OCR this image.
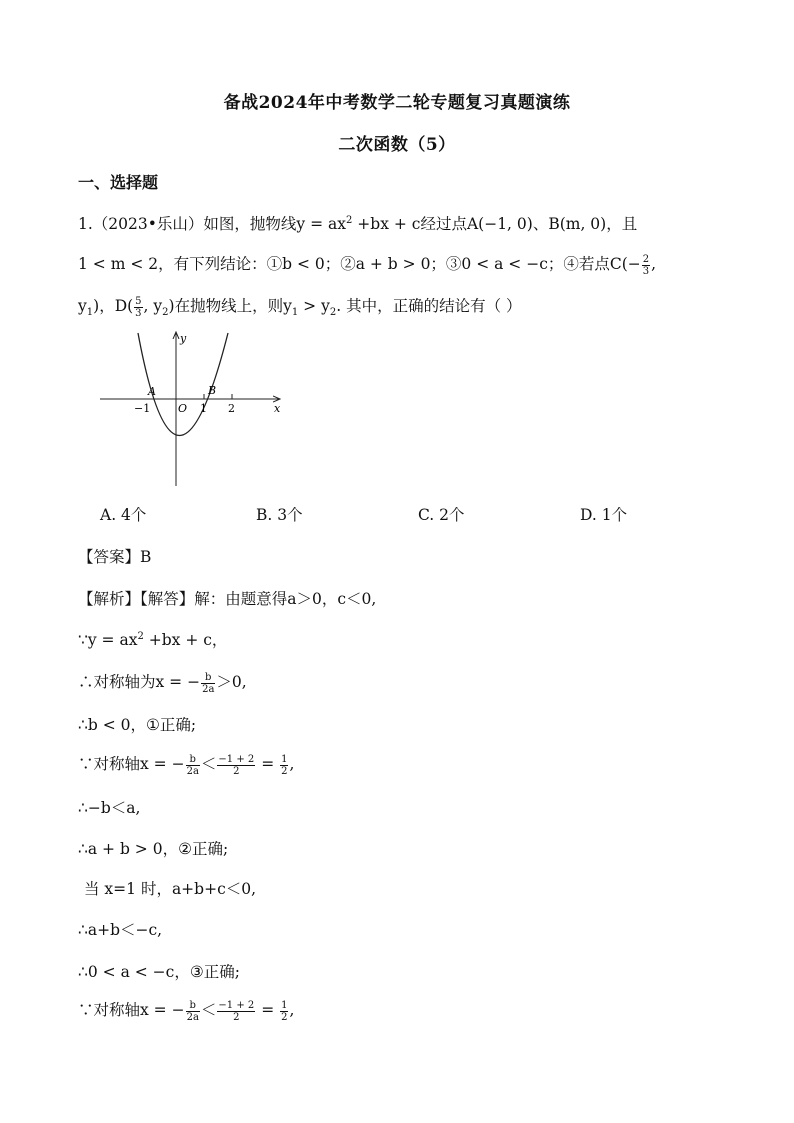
备战2024年中考数学二轮专题复习真题演练
二次函数（5）
一、选择题
1.（2023•乐山）如图，抛物线$y = ax^2 +bx + c$经过点A(−1, 0)、B(m, 0)，且
1 < m < 2，有下列结论：①b < 0；②a + b > 0；③0 < a < −c；④若点$C(- \frac{2}{3}$ ,
$y_1$)，$D( \frac{5}{3}$ , $y_2$)在抛物线上，则$y_1 > y_2$. 其中，正确的结论有（ ）
y
x
O
−1	1 2
A	B
A. 4个	B. 3个	C. 2个	D. 1个
【答案】B
【解析】【解答】解：由题意得a＞0，c＜0,
∵y = $ax^2 +bx + c$，
∴对称轴为x = − $\frac{b}{2a} >0$,
∴b < 0，①正确;
∵对称轴x = − $\frac{b}{2a} < \frac{-1 + 2}{2} = \frac{1}{2}$ ,
∴−b＜a,
∴a + b > 0，②正确;
当 x=1 时，a+b+c＜0,
∴a+b＜−c,
∴0 < a < −c，③正确;
∵对称轴x = − $\frac{b}{2a} < \frac{-1 + 2}{2} = \frac{1}{2}$ ,
